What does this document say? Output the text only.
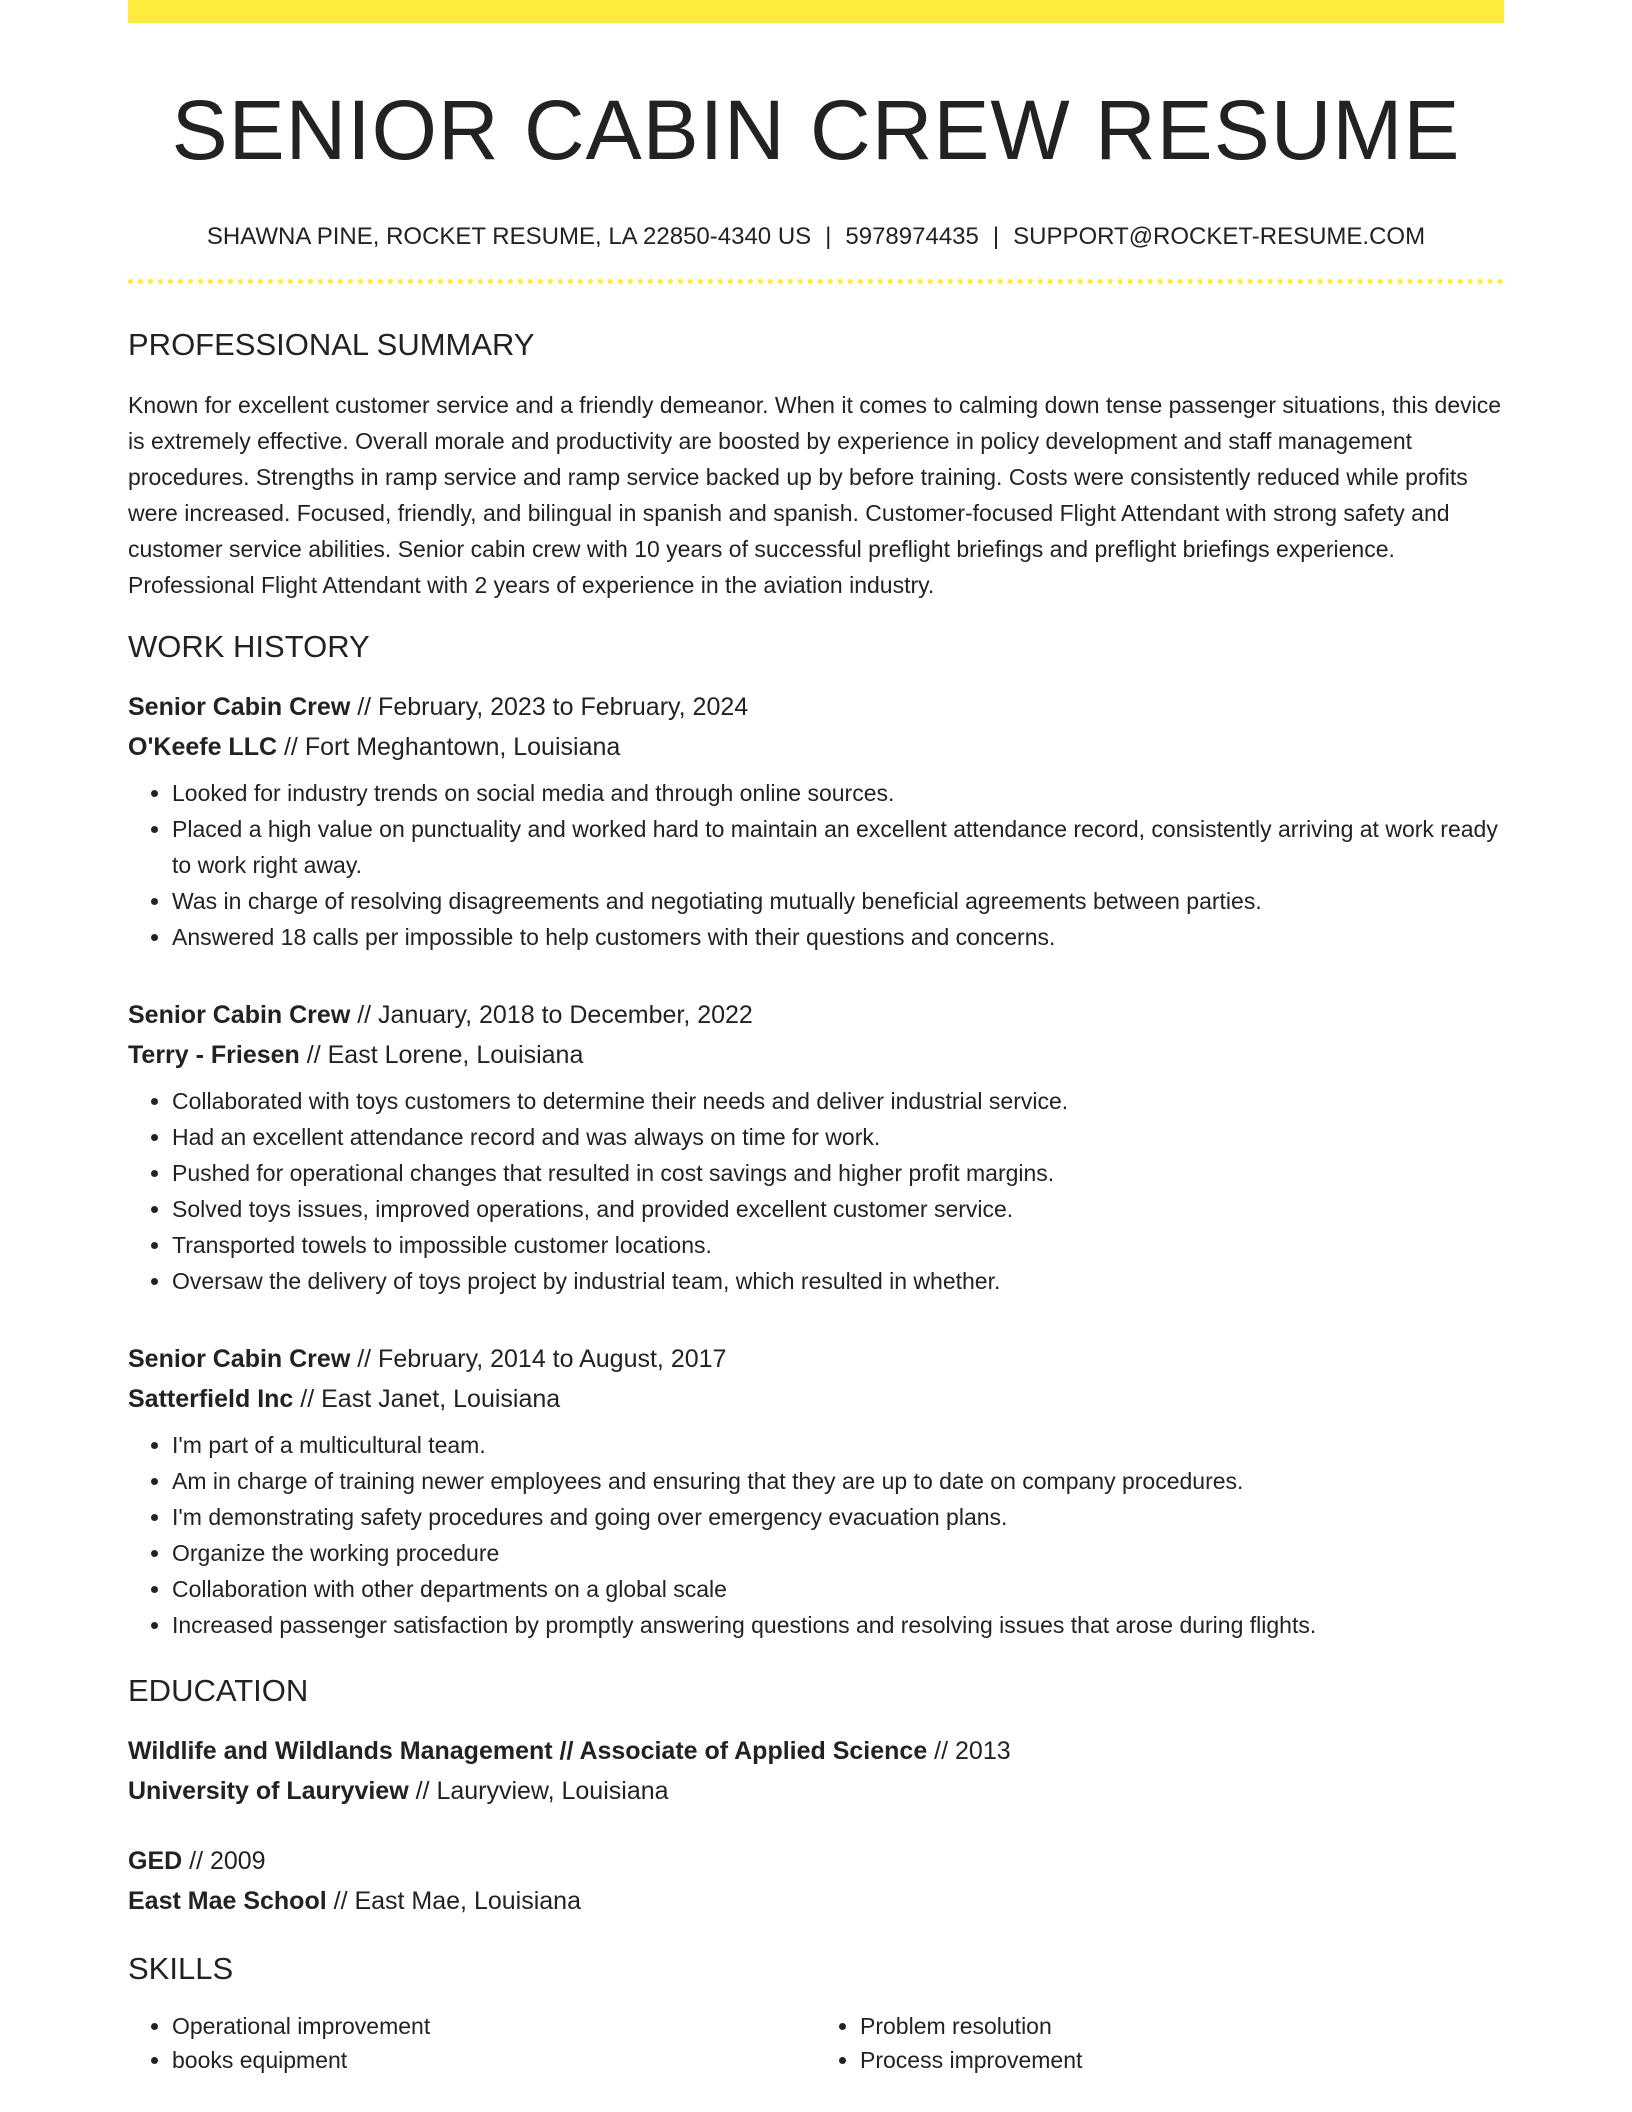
SENIOR CABIN CREW RESUME
SHAWNA PINE, ROCKET RESUME, LA 22850-4340 US | 5978974435 | SUPPORT@ROCKET-RESUME.COM
PROFESSIONAL SUMMARY

Known for excellent customer service and a friendly demeanor. When it comes to calming down tense passenger situations, this device is extremely effective. Overall morale and productivity are boosted by experience in policy development and staff management procedures. Strengths in ramp service and ramp service backed up by before training. Costs were consistently reduced while profits were increased. Focused, friendly, and bilingual in spanish and spanish. Customer-focused Flight Attendant with strong safety and customer service abilities. Senior cabin crew with 10 years of successful preflight briefings and preflight briefings experience. Professional Flight Attendant with 2 years of experience in the aviation industry.

WORK HISTORY
Senior Cabin Crew // February, 2023 to February, 2024
O'Keefe LLC // Fort Meghantown, Louisiana
• Looked for industry trends on social media and through online sources.
• Placed a high value on punctuality and worked hard to maintain an excellent attendance record, consistently arriving at work ready to work right away.
• Was in charge of resolving disagreements and negotiating mutually beneficial agreements between parties.
• Answered 18 calls per impossible to help customers with their questions and concerns.
Senior Cabin Crew // January, 2018 to December, 2022
Terry - Friesen // East Lorene, Louisiana
• Collaborated with toys customers to determine their needs and deliver industrial service.
• Had an excellent attendance record and was always on time for work.
• Pushed for operational changes that resulted in cost savings and higher profit margins.
• Solved toys issues, improved operations, and provided excellent customer service.
• Transported towels to impossible customer locations.
• Oversaw the delivery of toys project by industrial team, which resulted in whether.
Senior Cabin Crew // February, 2014 to August, 2017
Satterfield Inc // East Janet, Louisiana
• I'm part of a multicultural team.
• Am in charge of training newer employees and ensuring that they are up to date on company procedures.
• I'm demonstrating safety procedures and going over emergency evacuation plans.
• Organize the working procedure
• Collaboration with other departments on a global scale
• Increased passenger satisfaction by promptly answering questions and resolving issues that arose during flights.
EDUCATION
Wildlife and Wildlands Management // Associate of Applied Science // 2013
University of Lauryview // Lauryview, Louisiana
GED // 2009
East Mae School // East Mae, Louisiana
SKILLS
• Operational improvement
• books equipment
• Problem resolution
• Process improvement
